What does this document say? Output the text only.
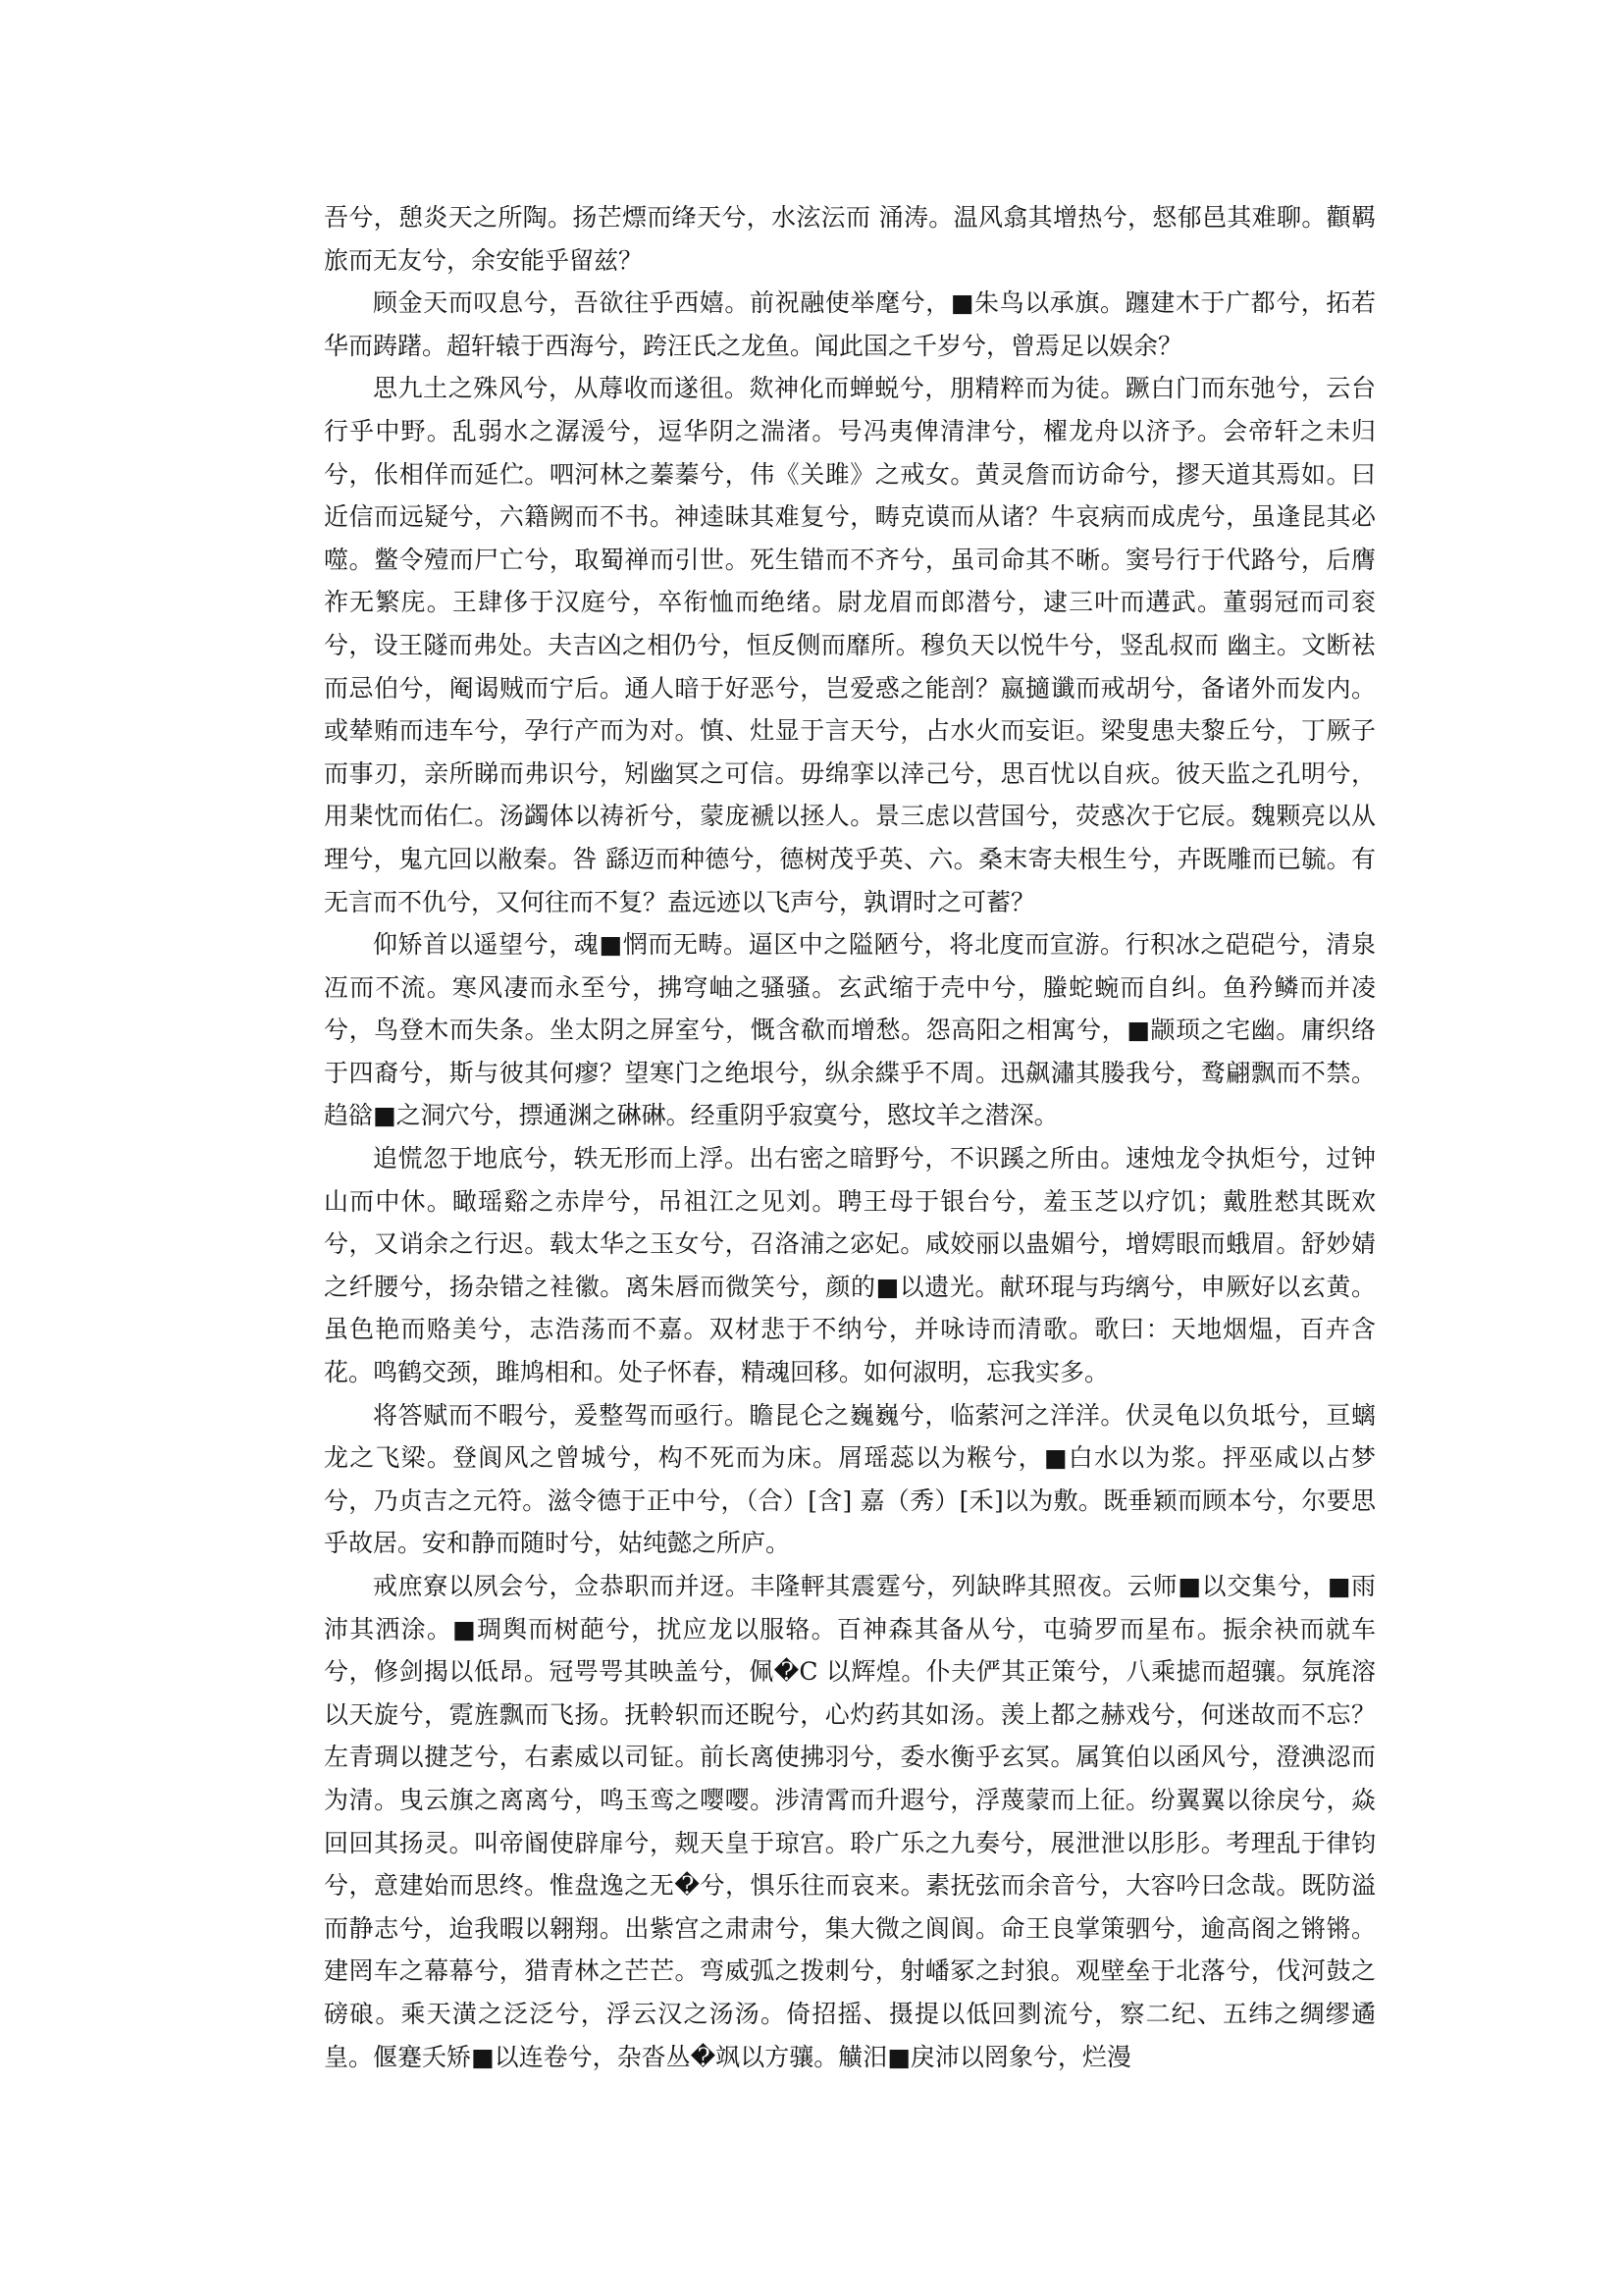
吾兮，憩炎天之所陶。扬芒熛而绛天兮，水泫沄而 涌涛。温风翕其增热兮，惄郁邑其难聊。顴羁旅而无友兮，余安能乎留兹？

顾金天而叹息兮，吾欲往乎西嬉。前祝融使举麾兮，■朱鸟以承旗。躔建木于广都兮，拓若华而踌躇。超轩辕于西海兮，跨汪氏之龙鱼。闻此国之千岁兮，曾焉足以娱余？

思九土之殊风兮，从蓐收而遂徂。欻神化而蝉蜕兮，朋精粹而为徒。蹶白门而东弛兮，云台行乎中野。乱弱水之潺湲兮，逗华阴之湍渚。号冯夷俾清津兮，櫂龙舟以济予。会帝轩之未归兮，伥相佯而延伫。呬河林之蓁蓁兮，伟《关雎》之戒女。黄灵詹而访命兮，摎天道其焉如。曰近信而远疑兮，六籍阙而不书。神逵昧其难复兮，畴克谟而从诸？牛哀病而成虎兮，虽逢昆其必噬。鳖令殪而尸亡兮，取蜀禅而引世。死生错而不齐兮，虽司命其不晰。窦号行于代路兮，后膺祚无繁庑。王肆侈于汉庭兮，卒衔恤而绝绪。尉龙眉而郎潜兮，逮三叶而遘武。董弱冠而司衮兮，设王隧而弗处。夫吉凶之相仍兮，恒反侧而靡所。穆负天以悦牛兮，竖乱叔而 幽主。文断袪而忌伯兮，阉谒贼而宁后。通人暗于好恶兮，岂爱惑之能剖？嬴擿谶而戒胡兮，备诸外而发内。或辇贿而违车兮，孕行产而为对。慎、灶显于言天兮，占水火而妄讵。梁叟患夫黎丘兮，丁厥子而事刃，亲所睇而弗识兮，矧幽冥之可信。毋绵挛以涬己兮，思百忧以自疢。彼天监之孔明兮，用棐忱而佑仁。汤蠲体以祷祈兮，蒙庞褫以拯人。景三虑以营国兮，荧惑次于它辰。魏颗亮以从理兮，鬼亢回以敝秦。咎 繇迈而种德兮，德树茂乎英、六。桑末寄夫根生兮，卉既雕而已毓。有无言而不仇兮，又何往而不复？盍远迹以飞声兮，孰谓时之可蓄？

仰矫首以遥望兮，魂■惘而无畴。逼区中之隘陋兮，将北度而宣游。行积冰之硙硙兮，清泉冱而不流。寒风凄而永至兮，拂穹岫之骚骚。玄武缩于壳中兮，螣蛇蜿而自纠。鱼矜鳞而并凌兮，鸟登木而失条。坐太阴之屏室兮，慨含欷而增愁。怨高阳之相寓兮，■颛顼之宅幽。庸织络于四裔兮，斯与彼其何瘳？望寒门之绝垠兮，纵余緤乎不周。迅飙潚其媵我兮，鹜翩飘而不禁。趋谽■之洞穴兮，摽通渊之碄碄。经重阴乎寂寞兮，愍坟羊之潜深。

追慌忽于地底兮，轶无形而上浮。出右密之暗野兮，不识蹊之所由。速烛龙令执炬兮，过钟山而中休。瞰瑶谿之赤岸兮，吊祖江之见刘。聘王母于银台兮，羞玉芝以疗饥；戴胜慭其既欢兮，又诮余之行迟。载太华之玉女兮，召洛浦之宓妃。咸姣丽以蛊媚兮，增嫮眼而蛾眉。舒妙婧之纤腰兮，扬杂错之袿徽。离朱唇而微笑兮，颜的■以遗光。献环琨与玙缡兮，申厥好以玄黄。虽色艳而赂美兮，志浩荡而不嘉。双材悲于不纳兮，并咏诗而清歌。歌曰：天地烟煴，百卉含花。鸣鹤交颈，雎鸠相和。处子怀春，精魂回移。如何淑明，忘我实多。

将答赋而不暇兮，爰整驾而亟行。瞻昆仑之巍巍兮，临萦河之洋洋。伏灵龟以负坻兮，亘螭龙之飞梁。登阆风之曾城兮，构不死而为床。屑瑶蕊以为糇兮，■白水以为浆。抨巫咸以占梦兮，乃贞吉之元符。滋令德于正中兮，（合）[含] 嘉（秀）[禾]以为敷。既垂颖而顾本兮，尔要思乎故居。安和静而随时兮，姑纯懿之所庐。

戒庶寮以夙会兮，佥恭职而并迓。丰隆軯其震霆兮，列缺晔其照夜。云师■以交集兮，■雨沛其洒涂。■琱舆而树葩兮，扰应龙以服辂。百神森其备从兮，屯骑罗而星布。振余袂而就车兮，修剑揭以低昂。冠咢咢其映盖兮，佩�C 以辉煌。仆夫俨其正策兮，八乘摅而超骧。氛旄溶以天旋兮，霓旌飘而飞扬。抚軨轵而还睨兮，心灼药其如汤。羡上都之赫戏兮，何迷故而不忘？左青琱以揵芝兮，右素威以司钲。前长离使拂羽兮，委水衡乎玄冥。属箕伯以函风兮，澄淟涊而为清。曳云旗之离离兮，鸣玉鸾之嘤嘤。涉清霄而升遐兮，浮蔑蒙而上征。纷翼翼以徐戾兮，焱回回其扬灵。叫帝阍使辟扉兮，觌天皇于琼宫。聆广乐之九奏兮，展泄泄以肜肜。考理乱于律钧兮，意建始而思终。惟盘逸之无�兮，惧乐往而哀来。素抚弦而余音兮，大容吟曰念哉。既防溢而静志兮，迨我暇以翱翔。出紫宫之肃肃兮，集大微之阆阆。命王良掌策驷兮，逾高阁之锵锵。建罔车之幕幕兮，猎青林之芒芒。弯威弧之拨刺兮，射嶓冢之封狼。观壁垒于北落兮，伐河鼓之磅硠。乘天潢之泛泛兮，浮云汉之汤汤。倚招摇、摄提以低回剹流兮，察二纪、五纬之绸缪遹皇。偃蹇夭矫■以连卷兮，杂沓丛�飒以方骧。觵汨■戾沛以罔象兮，烂漫
